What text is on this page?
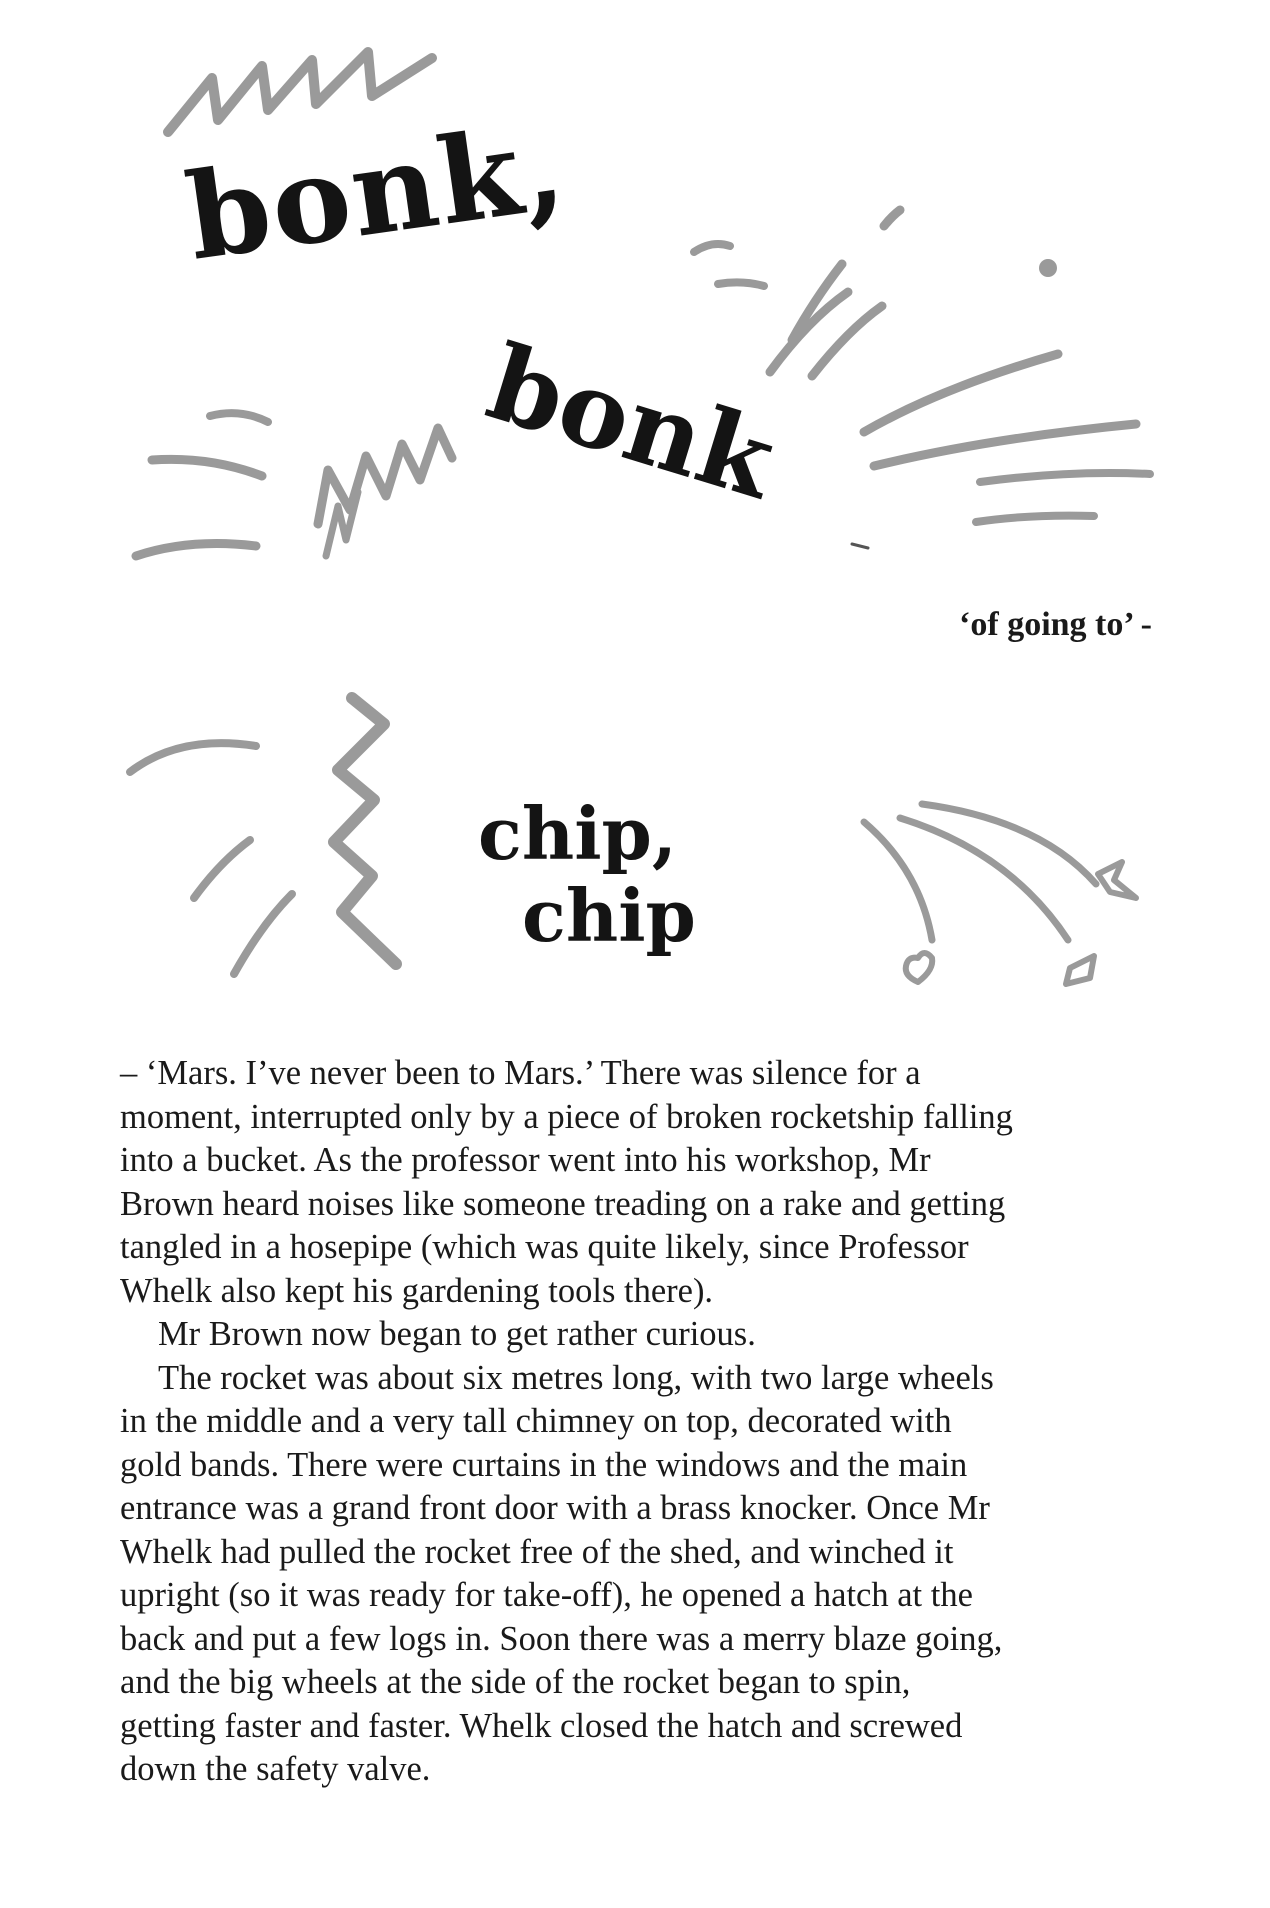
bonk,
bonk
‘of going to’ -
chip,
chip
– ‘Mars. I’ve never been to Mars.’ There was silence for a
moment, interrupted only by a piece of broken rocketship falling
into a bucket. As the professor went into his workshop, Mr
Brown heard noises like someone treading on a rake and getting
tangled in a hosepipe (which was quite likely, since Professor
Whelk also kept his gardening tools there).
Mr Brown now began to get rather curious.
The rocket was about six metres long, with two large wheels
in the middle and a very tall chimney on top, decorated with
gold bands. There were curtains in the windows and the main
entrance was a grand front door with a brass knocker. Once Mr
Whelk had pulled the rocket free of the shed, and winched it
upright (so it was ready for take-off), he opened a hatch at the
back and put a few logs in. Soon there was a merry blaze going,
and the big wheels at the side of the rocket began to spin,
getting faster and faster. Whelk closed the hatch and screwed
down the safety valve.
